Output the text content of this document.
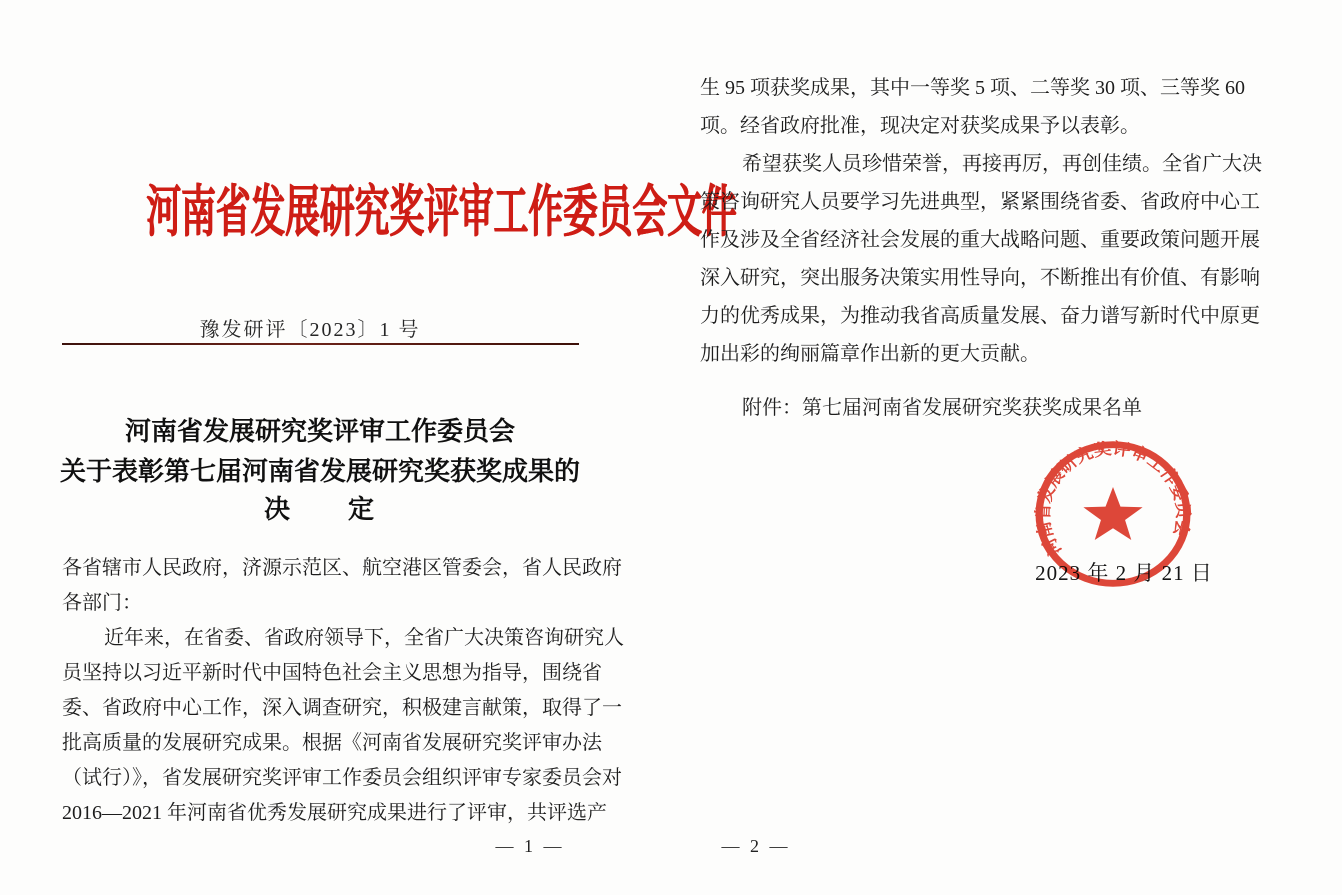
河南省发展研究奖评审工作委员会文件
豫发研评〔2023〕1 号
河南省发展研究奖评审工作委员会
关于表彰第七届河南省发展研究奖获奖成果的
决　　定
各省辖市人民政府，济源示范区、航空港区管委会，省人民政府
各部门：
近年来，在省委、省政府领导下，全省广大决策咨询研究人
员坚持以习近平新时代中国特色社会主义思想为指导，围绕省
委、省政府中心工作，深入调查研究，积极建言献策，取得了一
批高质量的发展研究成果。根据《河南省发展研究奖评审办法
（试行）》，省发展研究奖评审工作委员会组织评审专家委员会对
2016—2021 年河南省优秀发展研究成果进行了评审，共评选产
— 1 —
生 95 项获奖成果，其中一等奖 5 项、二等奖 30 项、三等奖 60
项。经省政府批准，现决定对获奖成果予以表彰。
希望获奖人员珍惜荣誉，再接再厉，再创佳绩。全省广大决
策咨询研究人员要学习先进典型，紧紧围绕省委、省政府中心工
作及涉及全省经济社会发展的重大战略问题、重要政策问题开展
深入研究，突出服务决策实用性导向，不断推出有价值、有影响
力的优秀成果，为推动我省高质量发展、奋力谱写新时代中原更
加出彩的绚丽篇章作出新的更大贡献。
附件：第七届河南省发展研究奖获奖成果名单
2023 年 2 月 21 日
河南省发展研究奖评审工作委员会
— 2 —
